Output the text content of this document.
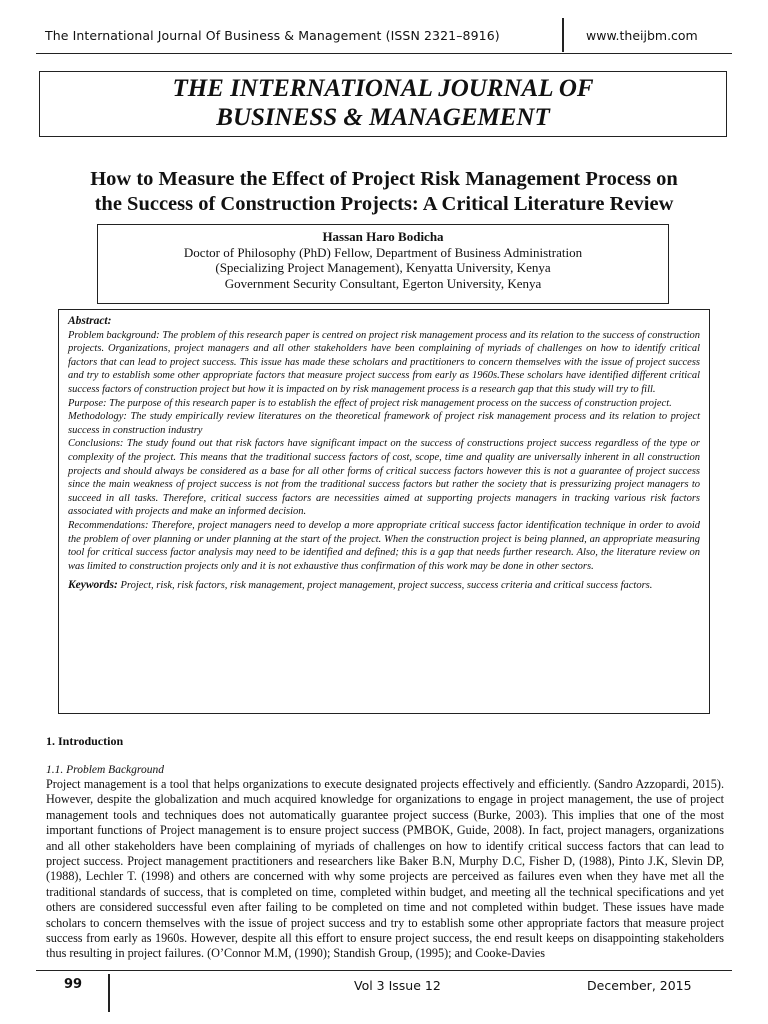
The International Journal Of Business & Management (ISSN 2321–8916)	www.theijbm.com
THE INTERNATIONAL JOURNAL OF
BUSINESS & MANAGEMENT
How to Measure the Effect of Project Risk Management Process on
the Success of Construction Projects: A Critical Literature Review
Hassan Haro Bodicha
Doctor of Philosophy (PhD) Fellow, Department of Business Administration
(Specializing Project Management), Kenyatta University, Kenya
Government Security Consultant, Egerton University, Kenya

Abstract:

Problem background: The problem of this research paper is centred on project risk management process and its relation to the success of construction projects. Organizations, project managers and all other stakeholders have been complaining of myriads of challenges on how to identify critical factors that can lead to project success. This issue has made these scholars and practitioners to concern themselves with the issue of project success and try to establish some other appropriate factors that measure project success from early as 1960s.These scholars have identified different critical success factors of construction project but how it is impacted on by risk management process is a research gap that this study will try to fill.

Purpose: The purpose of this research paper is to establish the effect of project risk management process on the success of construction project.

Methodology: The study empirically review literatures on the theoretical framework of project risk management process and its relation to project success in construction industry

Conclusions: The study found out that risk factors have significant impact on the success of constructions project success regardless of the type or complexity of the project. This means that the traditional success factors of cost, scope, time and quality are universally inherent in all construction projects and should always be considered as a base for all other forms of critical success factors however this is not a guarantee of project success since the main weakness of project success is not from the traditional success factors but rather the society that is pressurizing project managers to succeed in all tasks. Therefore, critical success factors are necessities aimed at supporting projects managers in tracking various risk factors associated with projects and make an informed decision.

Recommendations: Therefore, project managers need to develop a more appropriate critical success factor identification technique in order to avoid the problem of over planning or under planning at the start of the project. When the construction project is being planned, an appropriate measuring tool for critical success factor analysis may need to be identified and defined; this is a gap that needs further research. Also, the literature review on was limited to construction projects only and it is not exhaustive thus confirmation of this work may be done in other sectors.

Keywords: Project, risk, risk factors, risk management, project management, project success, success criteria and critical success factors.

1. Introduction
1.1. Problem Background

Project management is a tool that helps organizations to execute designated projects effectively and efficiently. (Sandro Azzopardi, 2015). However, despite the globalization and much acquired knowledge for organizations to engage in project management, the use of project management tools and techniques does not automatically guarantee project success (Burke, 2003). This implies that one of the most important functions of Project management is to ensure project success (PMBOK, Guide, 2008). In fact, project managers, organizations and all other stakeholders have been complaining of myriads of challenges on how to identify critical success factors that can lead to project success. Project management practitioners and researchers like Baker B.N, Murphy D.C, Fisher D, (1988), Pinto J.K, Slevin DP, (1988), Lechler T. (1998) and others are concerned with why some projects are perceived as failures even when they have met all the traditional standards of success, that is completed on time, completed within budget, and meeting all the technical specifications and yet others are considered successful even after failing to be completed on time and not completed within budget. These issues have made scholars to concern themselves with the issue of project success and try to establish some other appropriate factors that measure project success from early as 1960s. However, despite all this effort to ensure project success, the end result keeps on disappointing stakeholders thus resulting in project failures. (O’Connor M.M, (1990); Standish Group, (1995); and Cooke-Davies

99	Vol 3 Issue 12	December, 2015
